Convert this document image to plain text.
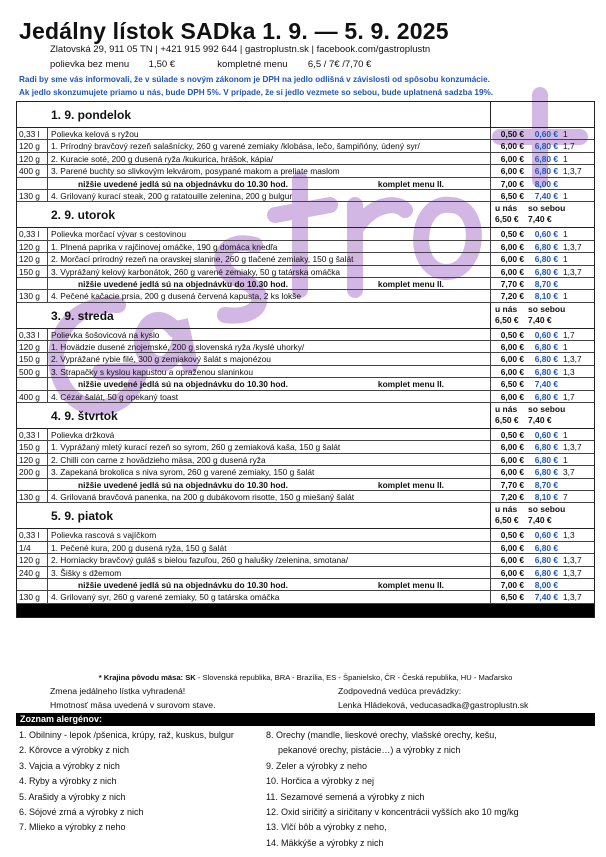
Jedálny lístok SADka 1. 9. — 5. 9. 2025
Zlatovská 29, 911 05 TN | +421 915 992 644 | gastroplustn.sk | facebook.com/gastroplustn
polievka bez menu 1,50 €	kompletné menu 6,5 / 7€ /7,70 €
Radi by sme vás informovali, že v súlade s novým zákonom je DPH na jedlo odlišná v závislosti od spôsobu konzumácie.
Ak jedlo skonzumujete priamo u nás, bude DPH 5%. V prípade, že si jedlo vezmete so sebou, bude uplatnená sadzba 19%.
1. 9. pondelok
0,33 l	Polievka kelová s ryžou	0,50 €	0,60 € 1
120 g	1. Prírodný bravčový rezeň salašnícky, 260 g varené zemiaky /klobása, lečo, šampiňóny, údený syr/	6,00 €	6,80 € 1,7
120 g	2. Kuracie soté, 200 g dusená ryža /kukurica, hrášok, kápia/	6,00 €	6,80 € 1
400 g	3. Parené buchty so slivkovým lekvárom, posypané makom a preliate maslom	6,00 €	6,80 € 1,3,7
nižšie uvedené jedlá sú na objednávku do 10.30 hod.	komplet menu II.	7,00 €	8,00 €
130 g	4. Grilovaný kurací steak, 200 g ratatouille zelenina, 200 g bulgur	6,50 €	7,40 € 1
2. 9. utorok	u nás	so sebou
6,50 €	7,40 €
0,33 l	Polievka morčací vývar s cestovinou	0,50 €	0,60 € 1
120 g	1. Plnená paprika v rajčinovej omáčke, 190 g domáca knedľa	6,00 €	6,80 € 1,3,7
120 g	2. Morčací prírodný rezeň na oravskej slanine, 260 g tlačené zemiaky, 150 g šalát	6,00 €	6,80 € 1
150 g	3. Vyprážaný kelový karbonátok, 260 g varené zemiaky, 50 g tatárska omáčka	6,00 €	6,80 € 1,3,7
nižšie uvedené jedlá sú na objednávku do 10.30 hod.	komplet menu II.	7,70 €	8,70 €
130 g	4. Pečené kačacie prsia, 200 g dusená červená kapusta, 2 ks lokše	7,20 €	8,10 € 1
3. 9. streda	u nás	so sebou
6,50 €	7,40 €
0,33 l	Polievka šošovicová na kyslo	0,50 €	0,60 € 1,7
120 g	1. Hovädzie dusené znojemské, 200 g slovenská ryža /kyslé uhorky/	6,00 €	6,80 € 1
150 g	2. Vyprážané rybie filé, 300 g zemiakový šalát s majonézou	6,00 €	6,80 € 1,3,7
500 g	3. Strapačky s kyslou kapustou a opraženou slaninkou	6,00 €	6,80 € 1,3
nižšie uvedené jedlá sú na objednávku do 10.30 hod.	komplet menu II.	6,50 €	7,40 €
400 g	4. Cézar šalát, 50 g opekaný toast	6,00 €	6,80 € 1,7
4. 9. štvrtok	u nás	so sebou
6,50 €	7,40 €
0,33 l	Polievka držková	0,50 €	0,60 € 1
150 g	1. Vyprážaný mletý kurací rezeň so syrom, 260 g zemiaková kaša, 150 g šalát	6,00 €	6,80 € 1,3,7
120 g	2. Chilli con carne z hovädzieho mäsa, 200 g dusená ryža	6,00 €	6,80 € 1
200 g	3. Zapekaná brokolica s niva syrom, 260 g varené zemiaky, 150 g šalát	6,00 €	6,80 € 3,7
nižšie uvedené jedlá sú na objednávku do 10.30 hod.	komplet menu II.	7,70 €	8,70 €
130 g	4. Grilovaná bravčová panenka, na 200 g dubákovom risotte, 150 g miešaný šalát	7,20 €	8,10 € 7
5. 9. piatok	u nás	so sebou
6,50 €	7,40 €
0,33 l	Polievka rascová s vajíčkom	0,50 €	0,60 € 1,3
1/4	1. Pečené kura, 200 g dusená ryža, 150 g šalát	6,00 €	6,80 €
120 g	2. Horniacky bravčový guláš s bielou fazuľou, 260 g halušky /zelenina, smotana/	6,00 €	6,80 € 1,3,7
240 g	3. Šišky s džemom	6,00 €	6,80 € 1,3,7
nižšie uvedené jedlá sú na objednávku do 10.30 hod.	komplet menu II.	7,00 €	8,00 €
130 g	4. Grilovaný syr, 260 g varené zemiaky, 50 g tatárska omáčka	6,50 €	7,40 € 1,3,7
* Krajina pôvodu mäsa: SK - Slovenská republika, BRA - Brazília, ES - Španielsko, ČR - Česká republika, HU - Maďarsko
Zmena jedálneho lístka vyhradená!
Hmotnosť mäsa uvedená v surovom stave.
Zodpovedná vedúca prevádzky:
Lenka Hládeková, veducasadka@gastroplustn.sk
Zoznam alergénov:
1. Obilniny - lepok /pšenica, krúpy, raž, kuskus, bulgur
2. Kôrovce a výrobky z nich
3. Vajcia a výrobky z nich
4. Ryby a výrobky z nich
5. Arašidy a výrobky z nich
6. Sójové zrná a výrobky z nich
7. Mlieko a výrobky z neho
8. Orechy (mandle, lieskové orechy, vlašské orechy, kešu,
pekanové orechy, pistácie…) a výrobky z nich
9. Zeler a výrobky z neho
10. Horčica a výrobky z nej
11. Sezamové semená a výrobky z nich
12. Oxid siričitý a siričitany v koncentrácii vyšších ako 10 mg/kg
13. Vlčí bôb a výrobky z neho,
14. Mäkkýše a výrobky z nich
